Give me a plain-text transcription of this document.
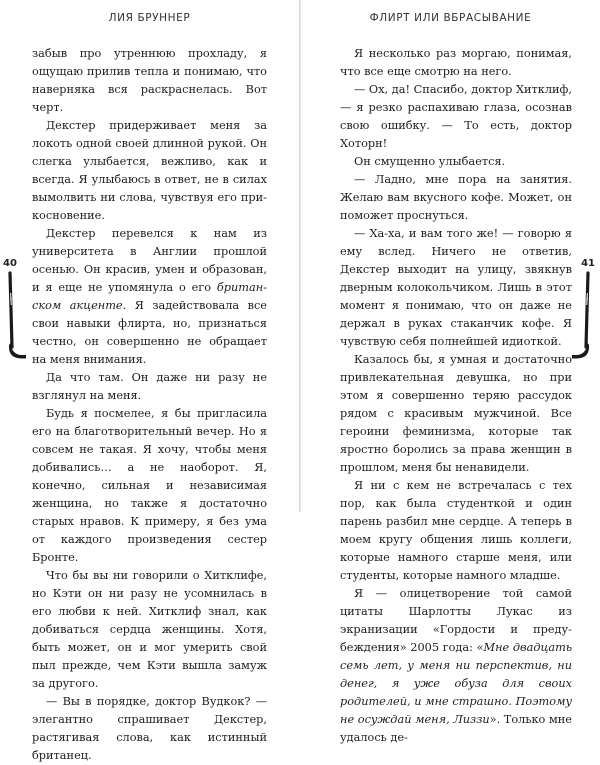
ЛИЯ БРУННЕР

забыв про утреннюю прохладу, я ощущаю прилив тепла и понимаю, что наверняка вся раскраснелась. Вот черт.

Декстер придерживает меня за локоть одной своей длинной рукой. Он слегка улыбается, вежливо, как и всегда. Я улыбаюсь в ответ, не в силах вымолвить ни слова, чувствуя его прикосновение.

Декстер перевелся к нам из университета в Англии прошлой осенью. Он красив, умен и образован, и я еще не упомянула о его британском акценте. Я задействовала все свои навыки флирта, но, признаться честно, он совершенно не обращает на меня внимания.

Да что там. Он даже ни разу не взглянул на меня.

Будь я посмелее, я бы пригласила его на благотворительный вечер. Но я совсем не такая. Я хочу, чтобы меня добивались… а не наоборот. Я, конечно, сильная и независимая женщина, но также я достаточно старых нравов. К примеру, я без ума от каждого произведения сестер Бронте.

Что бы вы ни говорили о Хитклифе, но Кэти он ни разу не усомнилась в его любви к ней. Хитклиф знал, как добиваться сердца женщины. Хотя, быть может, он и мог умерить свой пыл прежде, чем Кэти вышла замуж за другого.

— Вы в порядке, доктор Вудкок? — элегантно спрашивает Декстер, растягивая слова, как истинный британец.

40
ФЛИРТ ИЛИ ВБРАСЫВАНИЕ

Я несколько раз моргаю, понимая, что все еще смотрю на него.

— Ох, да! Спасибо, доктор Хитклиф, — я резко распахиваю глаза, осознав свою ошибку. — То есть, доктор Хоторн!

Он смущенно улыбается.

— Ладно, мне пора на занятия. Желаю вам вкусного кофе. Может, он поможет проснуться.

— Ха-ха, и вам того же! — говорю я ему вслед. Ничего не ответив, Декстер выходит на улицу, звякнув дверным колокольчиком. Лишь в этот момент я понимаю, что он даже не держал в руках стаканчик кофе. Я чувствую себя полнейшей идиоткой.

Казалось бы, я умная и достаточно привлекательная девушка, но при этом я совершенно теряю рассудок рядом с красивым мужчиной. Все героини феминизма, которые так яростно боролись за права женщин в прошлом, меня бы ненавидели.

Я ни с кем не встречалась с тех пор, как была студенткой и один парень разбил мне сердце. А теперь в моем кругу общения лишь коллеги, которые намного старше меня, или студенты, которые намного младше.

Я — олицетворение той самой цитаты Шарлотты Лукас из экранизации «Гордости и предубеждения» 2005 года: «Мне двадцать семь лет, у меня ни перспектив, ни денег, я уже обуза для своих родителей, и мне страшно. Поэтому не осуждай меня, Лиззи». Только мне удалось де-

41
